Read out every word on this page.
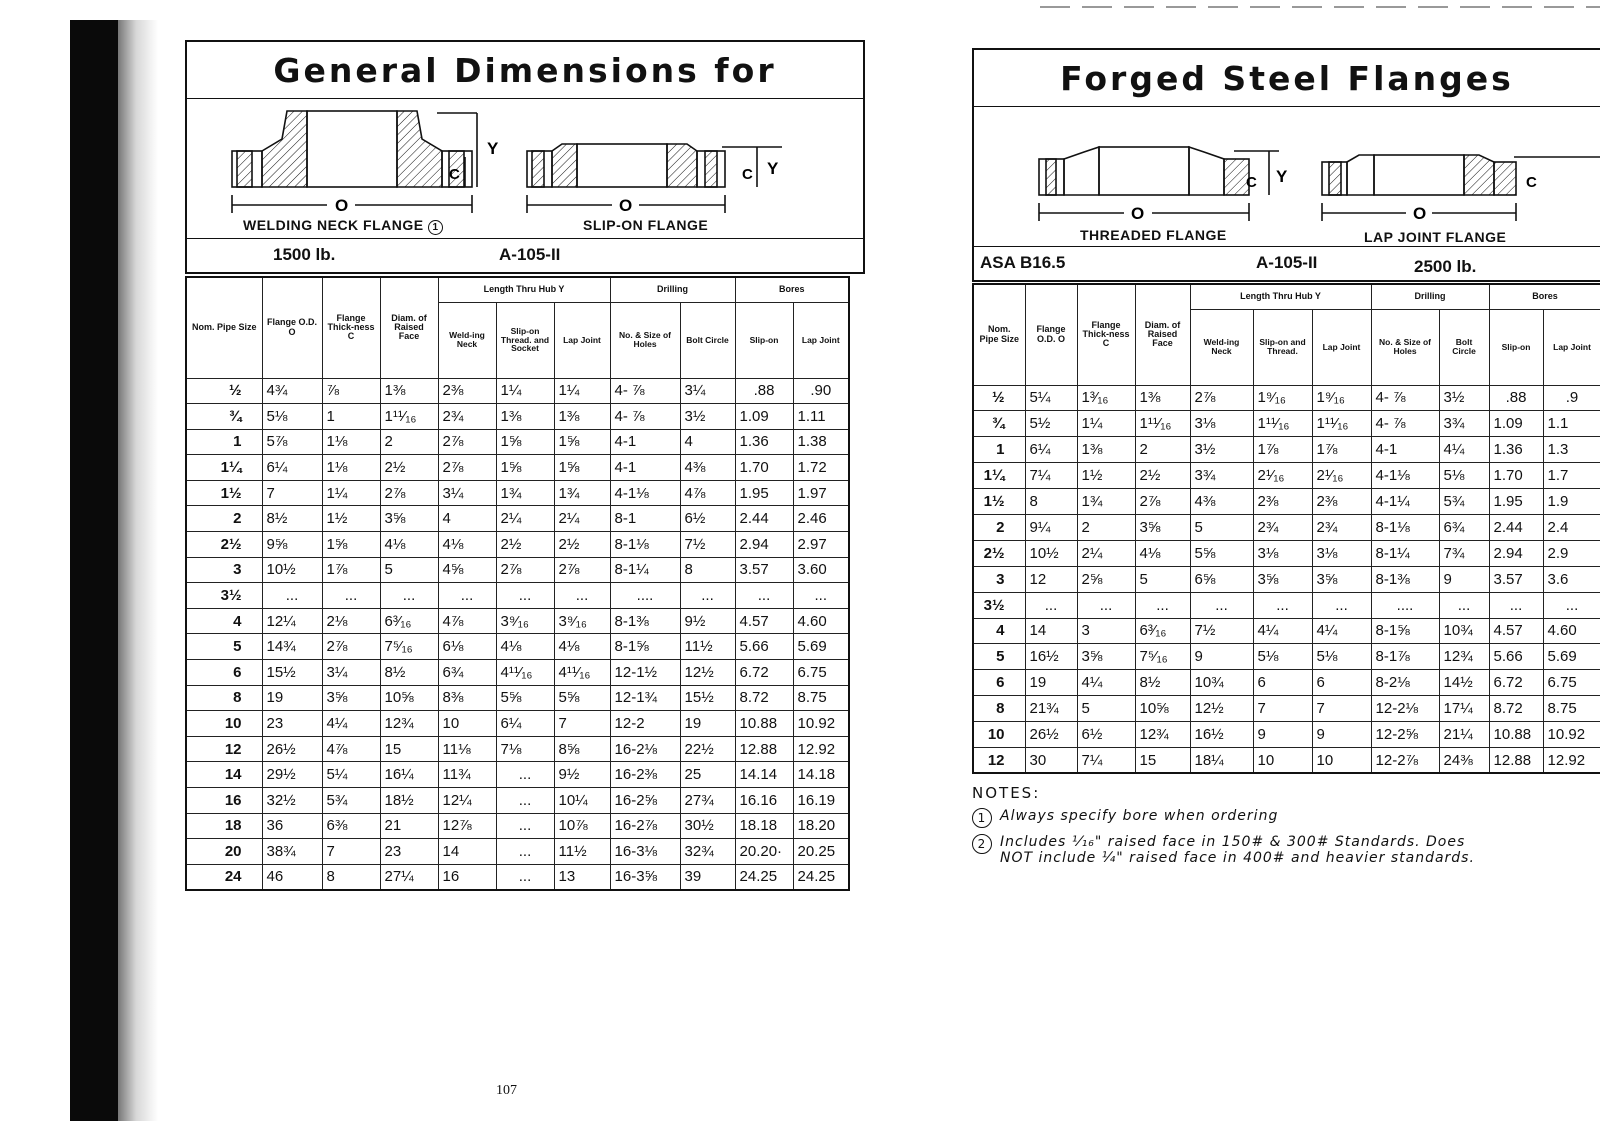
General Dimensions for
Y
C
O
C Y
O
WELDING NECK FLANGE 1	SLIP-ON FLANGE
1500 lb.	A-105-II
Nom. Pipe Size	Flange O.D. O	Flange Thick-ness C	Diam. of Raised Face	Length Thru Hub Y			Drilling		Bores	
				Weld-ing Neck	Slip-on Thread. and Socket	Lap Joint	No. & Size of Holes	Bolt Circle	Slip-on	Lap Joint
½	4¾	⅞	1⅜	2⅜	1¼	1¼	4- ⅞	3¼	.88	.90
¾	5⅛	1	1¹¹⁄₁₆	2¾	1⅜	1⅜	4- ⅞	3½	1.09	1.11
1	5⅞	1⅛	2	2⅞	1⅝	1⅝	4-1	4	1.36	1.38
1¼	6¼	1⅛	2½	2⅞	1⅝	1⅝	4-1	4⅜	1.70	1.72
1½	7	1¼	2⅞	3¼	1¾	1¾	4-1⅛	4⅞	1.95	1.97
2	8½	1½	3⅝	4	2¼	2¼	8-1	6½	2.44	2.46
2½	9⅝	1⅝	4⅛	4⅛	2½	2½	8-1⅛	7½	2.94	2.97
3	10½	1⅞	5	4⅝	2⅞	2⅞	8-1¼	8	3.57	3.60
3½	...	...	...	...	...	...	....	...	...	...
4	12¼	2⅛	6³⁄₁₆	4⅞	3⁹⁄₁₆	3⁹⁄₁₆	8-1⅜	9½	4.57	4.60
5	14¾	2⅞	7⁵⁄₁₆	6⅛	4⅛	4⅛	8-1⅝	11½	5.66	5.69
6	15½	3¼	8½	6¾	4¹¹⁄₁₆	4¹¹⁄₁₆	12-1½	12½	6.72	6.75
8	19	3⅝	10⅝	8⅜	5⅝	5⅝	12-1¾	15½	8.72	8.75
10	23	4¼	12¾	10	6¼	7	12-2	19	10.88	10.92
12	26½	4⅞	15	11⅛	7⅛	8⅝	16-2⅛	22½	12.88	12.92
14	29½	5¼	16¼	11¾	...	9½	16-2⅜	25	14.14	14.18
16	32½	5¾	18½	12¼	...	10¼	16-2⅝	27¾	16.16	16.19
18	36	6⅜	21	12⅞	...	10⅞	16-2⅞	30½	18.18	18.20
20	38¾	7	23	14	...	11½	16-3⅛	32¾	20.20·	20.25
24	46	8	27¼	16	...	13	16-3⅝	39	24.25	24.25
107
Forged Steel Flanges
C Y
O
C
O
THREADED FLANGE	LAP JOINT FLANGE
ASA B16.5	A-105-II	2500 lb.
Nom. Pipe Size	Flange O.D. O	Flange Thick-ness C	Diam. of Raised Face	Length Thru Hub Y			Drilling		Bores	
				Weld-ing Neck	Slip-on and Thread.	Lap Joint	No. & Size of Holes	Bolt Circle	Slip-on	Lap Joint
½	5¼	1³⁄₁₆	1⅜	2⅞	1⁹⁄₁₆	1⁹⁄₁₆	4- ⅞	3½	.88	.9
¾	5½	1¼	1¹¹⁄₁₆	3⅛	1¹¹⁄₁₆	1¹¹⁄₁₆	4- ⅞	3¾	1.09	1.1
1	6¼	1⅜	2	3½	1⅞	1⅞	4-1	4¼	1.36	1.3
1¼	7¼	1½	2½	3¾	2¹⁄₁₆	2¹⁄₁₆	4-1⅛	5⅛	1.70	1.7
1½	8	1¾	2⅞	4⅜	2⅜	2⅜	4-1¼	5¾	1.95	1.9
2	9¼	2	3⅝	5	2¾	2¾	8-1⅛	6¾	2.44	2.4
2½	10½	2¼	4⅛	5⅝	3⅛	3⅛	8-1¼	7¾	2.94	2.9
3	12	2⅝	5	6⅝	3⅝	3⅝	8-1⅜	9	3.57	3.6
3½	...	...	...	...	...	...	....	...	...	...
4	14	3	6³⁄₁₆	7½	4¼	4¼	8-1⅝	10¾	4.57	4.60
5	16½	3⅝	7⁵⁄₁₆	9	5⅛	5⅛	8-1⅞	12¾	5.66	5.69
6	19	4¼	8½	10¾	6	6	8-2⅛	14½	6.72	6.75
8	21¾	5	10⅝	12½	7	7	12-2⅛	17¼	8.72	8.75
10	26½	6½	12¾	16½	9	9	12-2⅝	21¼	10.88	10.92
12	30	7¼	15	18¼	10	10	12-2⅞	24⅜	12.88	12.92
NOTES:
1 Always specify bore when ordering
2 Includes ¹⁄₁₆" raised face in 150# & 300# Standards. Does NOT include ¼" raised face in 400# and heavier standards.
